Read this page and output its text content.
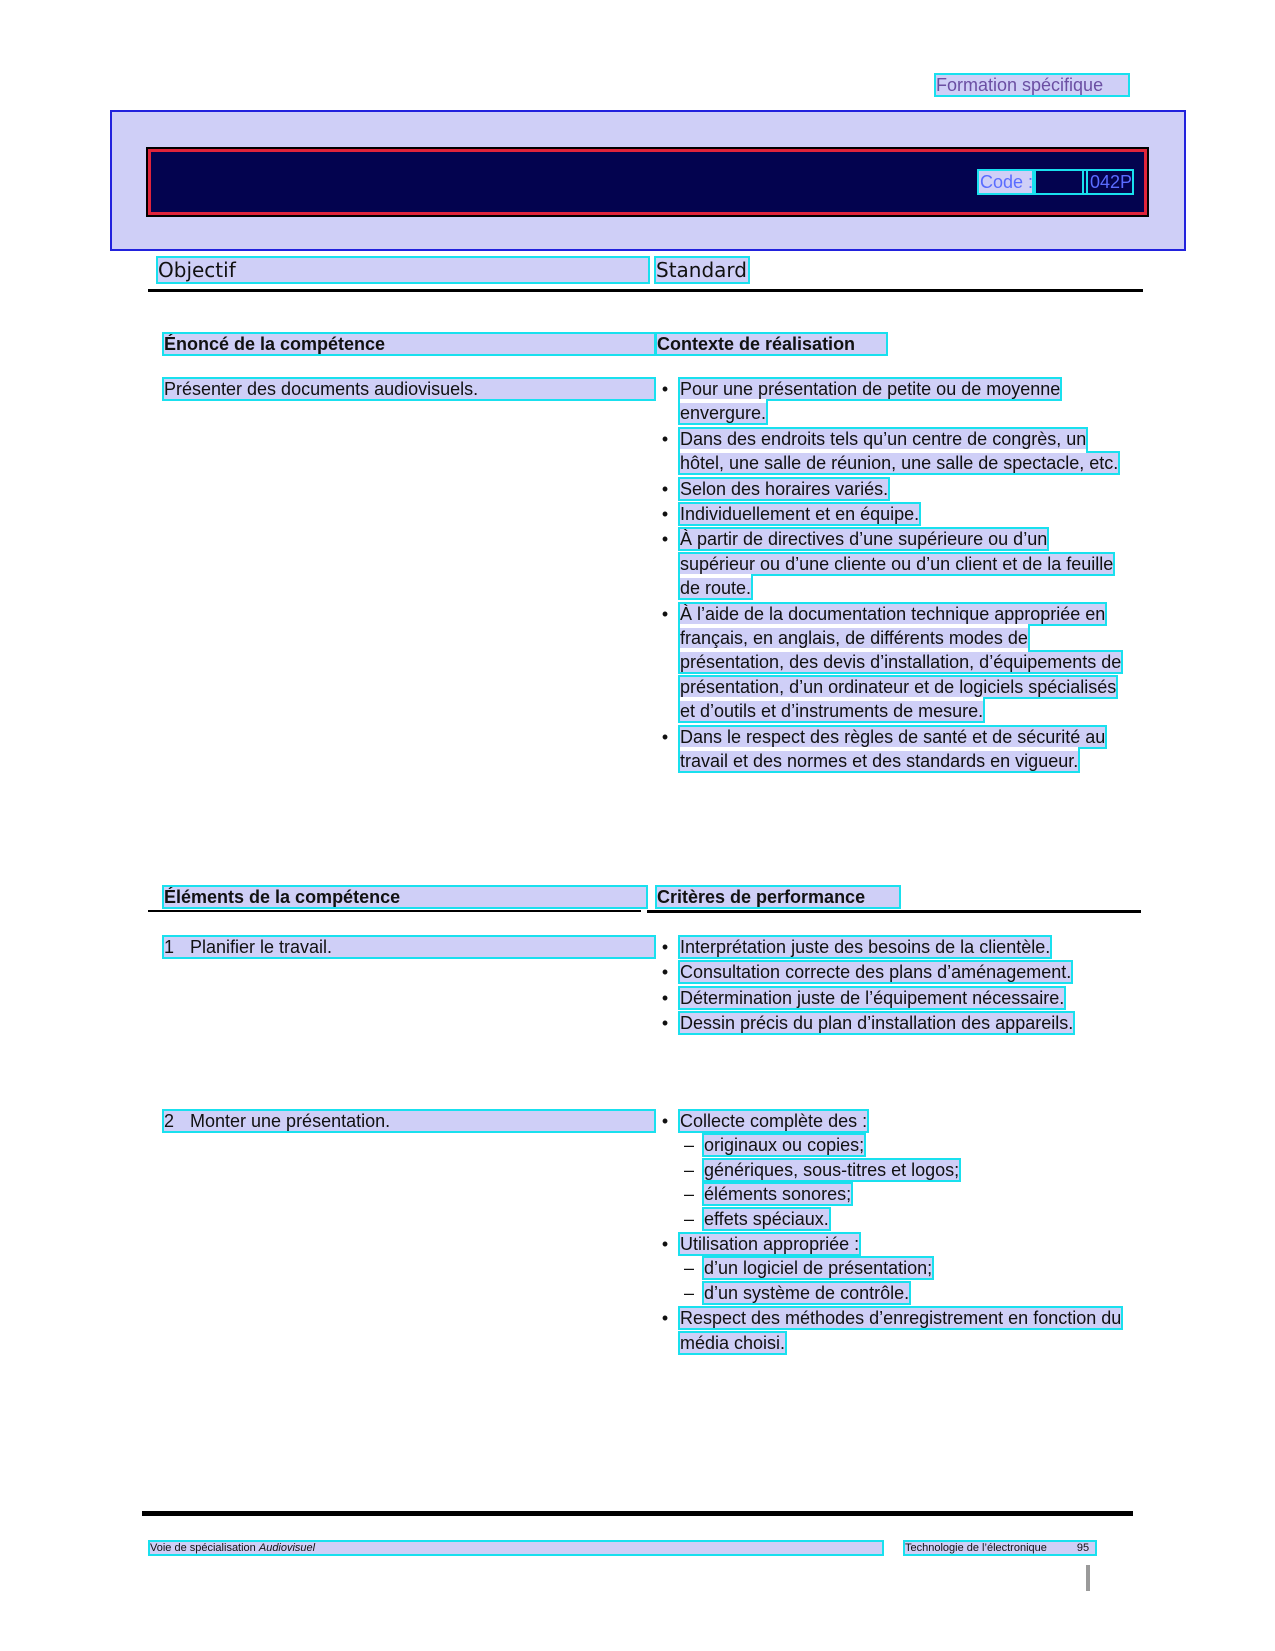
Formation spécifique
Code :	042P
Objectif	Standard
Énoncé de la compétence	Contexte de réalisation
Présenter des documents audiovisuels.	• Pour une présentation de petite ou de moyenne envergure.
• Dans des endroits tels qu’un centre de congrès, un hôtel, une salle de réunion, une salle de spectacle, etc.
• Selon des horaires variés.
• Individuellement et en équipe.
• À partir de directives d’une supérieure ou d’un supérieur ou d’une cliente ou d’un client et de la feuille de route.
• À l’aide de la documentation technique appropriée en français, en anglais, de différents modes de présentation, des devis d’installation, d’équipements de présentation, d’un ordinateur et de logiciels spécialisés et d’outils et d’instruments de mesure.
• Dans le respect des règles de santé et de sécurité au travail et des normes et des standards en vigueur.
Éléments de la compétence	Critères de performance
1 Planifier le travail.	• Interprétation juste des besoins de la clientèle.
• Consultation correcte des plans d’aménagement.
• Détermination juste de l’équipement nécessaire.
• Dessin précis du plan d’installation des appareils.
2 Monter une présentation.	• Collecte complète des :
– originaux ou copies;
– génériques, sous-titres et logos;
– éléments sonores;
– effets spéciaux.
• Utilisation appropriée :
– d’un logiciel de présentation;
– d’un système de contrôle.
• Respect des méthodes d’enregistrement en fonction du média choisi.
Voie de spécialisation Audiovisuel	Technologie de l’électronique	95
